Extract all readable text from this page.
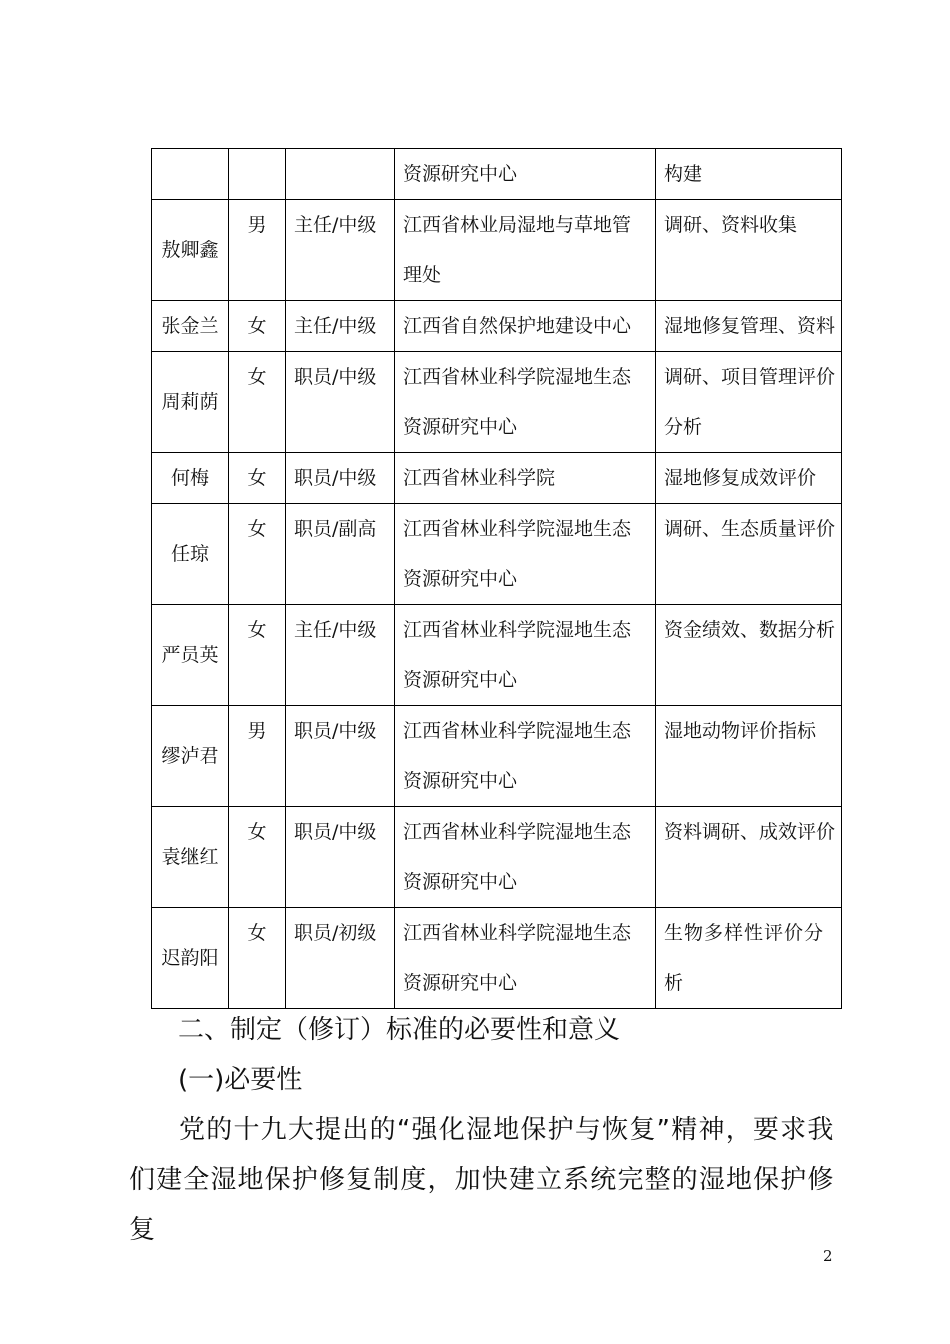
			资源研究中心	构建

敖卿鑫	男	主任/中级	江西省林业局湿地与草地管
理处	调研、资料收集

张金兰	女	主任/中级	江西省自然保护地建设中心	湿地修复管理、资料

周莉荫	女	职员/中级	江西省林业科学院湿地生态
资源研究中心	调研、项目管理评价
分析

何梅	女	职员/中级	江西省林业科学院	湿地修复成效评价

任琼	女	职员/副高	江西省林业科学院湿地生态
资源研究中心	调研、生态质量评价

严员英	女	主任/中级	江西省林业科学院湿地生态
资源研究中心	资金绩效、数据分析

缪泸君	男	职员/中级	江西省林业科学院湿地生态
资源研究中心	湿地动物评价指标

袁继红	女	职员/中级	江西省林业科学院湿地生态
资源研究中心	资料调研、成效评价

迟韵阳	女	职员/初级	江西省林业科学院湿地生态
资源研究中心	生物多样性评价分
析

二、制定（修订）标准的必要性和意义

(一)必要性

党的十九大提出的“强化湿地保护与恢复”精神，要求我们建全湿地保护修复制度，加快建立系统完整的湿地保护修复

2
